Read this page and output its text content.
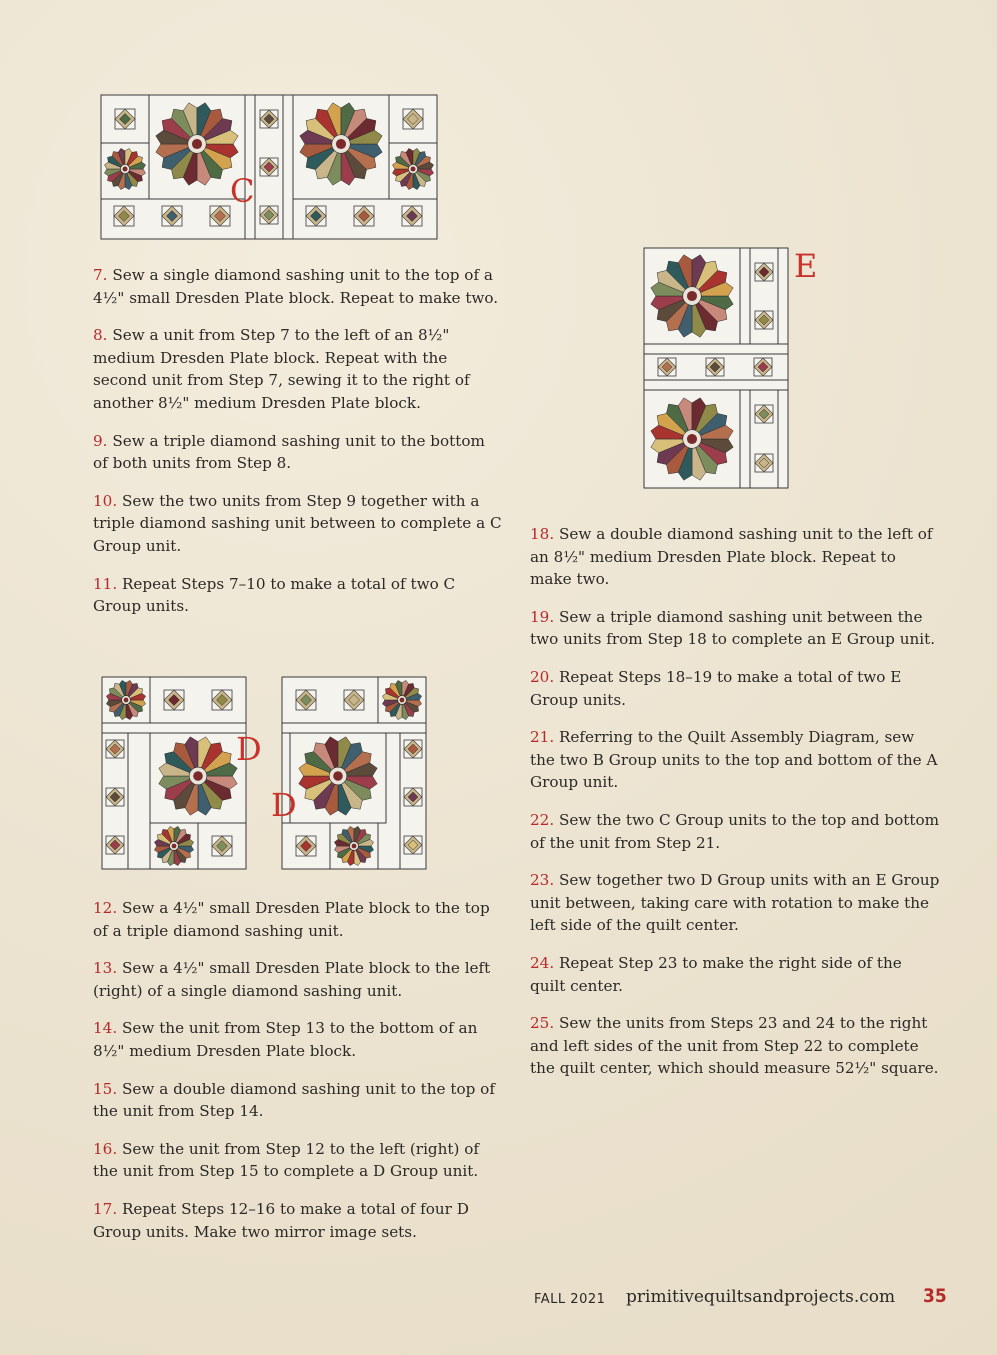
C
E
D
D

7. Sew a single diamond sashing unit to the top of a 4½" small Dresden Plate block. Repeat to make two.

8. Sew a unit from Step 7 to the left of an 8½" medium Dresden Plate block. Repeat with the second unit from Step 7, sewing it to the right of another 8½" medium Dresden Plate block.

9. Sew a triple diamond sashing unit to the bottom of both units from Step 8.

10. Sew the two units from Step 9 together with a triple diamond sashing unit between to complete a C Group unit.

11. Repeat Steps 7–10 to make a total of two C Group units.

12. Sew a 4½" small Dresden Plate block to the top of a triple diamond sashing unit.

13. Sew a 4½" small Dresden Plate block to the left (right) of a single diamond sashing unit.

14. Sew the unit from Step 13 to the bottom of an 8½" medium Dresden Plate block.

15. Sew a double diamond sashing unit to the top of the unit from Step 14.

16. Sew the unit from Step 12 to the left (right) of the unit from Step 15 to complete a D Group unit.

17. Repeat Steps 12–16 to make a total of four D Group units. Make two mirror image sets.

18. Sew a double diamond sashing unit to the left of an 8½" medium Dresden Plate block. Repeat to make two.

19. Sew a triple diamond sashing unit between the two units from Step 18 to complete an E Group unit.

20. Repeat Steps 18–19 to make a total of two E Group units.

21. Referring to the Quilt Assembly Diagram, sew the two B Group units to the top and bottom of the A Group unit.

22. Sew the two C Group units to the top and bottom of the unit from Step 21.

23. Sew together two D Group units with an E Group unit between, taking care with rotation to make the left side of the quilt center.

24. Repeat Step 23 to make the right side of the quilt center.

25. Sew the units from Steps 23 and 24 to the right and left sides of the unit from Step 22 to complete the quilt center, which should measure 52½" square.

FALL 2021 primitivequiltsandprojects.com 35
